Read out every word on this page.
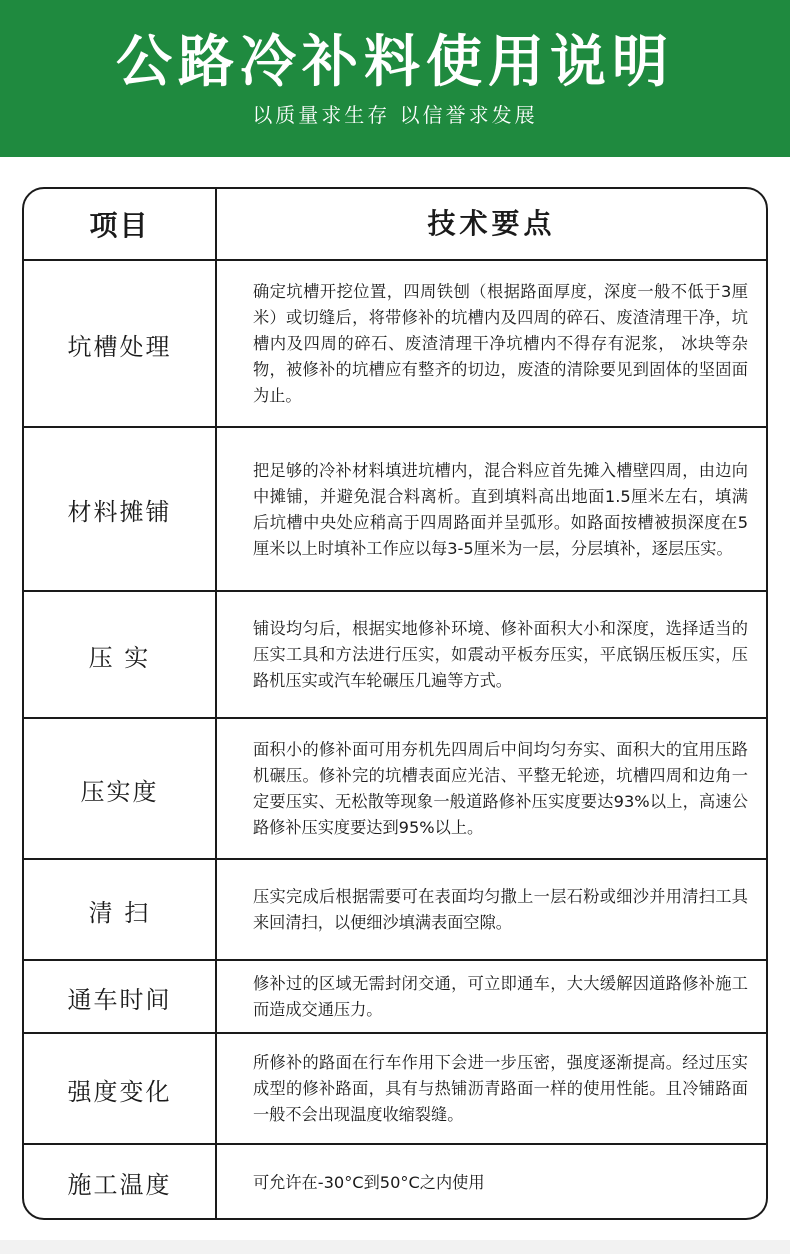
公路冷补料使用说明
以质量求生存 以信誉求发展
项目	技术要点
坑槽处理
确定坑槽开挖位置，四周铁刨（根据路面厚度，深度一般不低于3厘米）或切缝后，将带修补的坑槽内及四周的碎石、废渣清理干净，坑槽内及四周的碎石、废渣清理干净坑槽内不得存有泥浆， 冰块等杂物，被修补的坑槽应有整齐的切边，废渣的清除要见到固体的坚固面为止。
材料摊铺
把足够的冷补材料填进坑槽内，混合料应首先摊入槽壁四周，由边向中摊铺，并避免混合料离析。直到填料高出地面1.5厘米左右，填满后坑槽中央处应稍高于四周路面并呈弧形。如路面按槽被损深度在5厘米以上时填补工作应以每3-5厘米为一层，分层填补，逐层压实。
压 实
铺设均匀后，根据实地修补环境、修补面积大小和深度，选择适当的压实工具和方法进行压实，如震动平板夯压实，平底锅压板压实，压路机压实或汽车轮碾压几遍等方式。
压实度
面积小的修补面可用夯机先四周后中间均匀夯实、面积大的宜用压路机碾压。修补完的坑槽表面应光洁、平整无轮迹，坑槽四周和边角一定要压实、无松散等现象一般道路修补压实度要达93%以上，高速公路修补压实度要达到95%以上。
清 扫
压实完成后根据需要可在表面均匀撒上一层石粉或细沙并用清扫工具来回清扫，以便细沙填满表面空隙。
通车时间
修补过的区域无需封闭交通，可立即通车，大大缓解因道路修补施工而造成交通压力。
强度变化
所修补的路面在行车作用下会进一步压密，强度逐渐提高。经过压实成型的修补路面，具有与热铺沥青路面一样的使用性能。且冷铺路面一般不会出现温度收缩裂缝。
施工温度	可允许在-30°C到50°C之内使用
